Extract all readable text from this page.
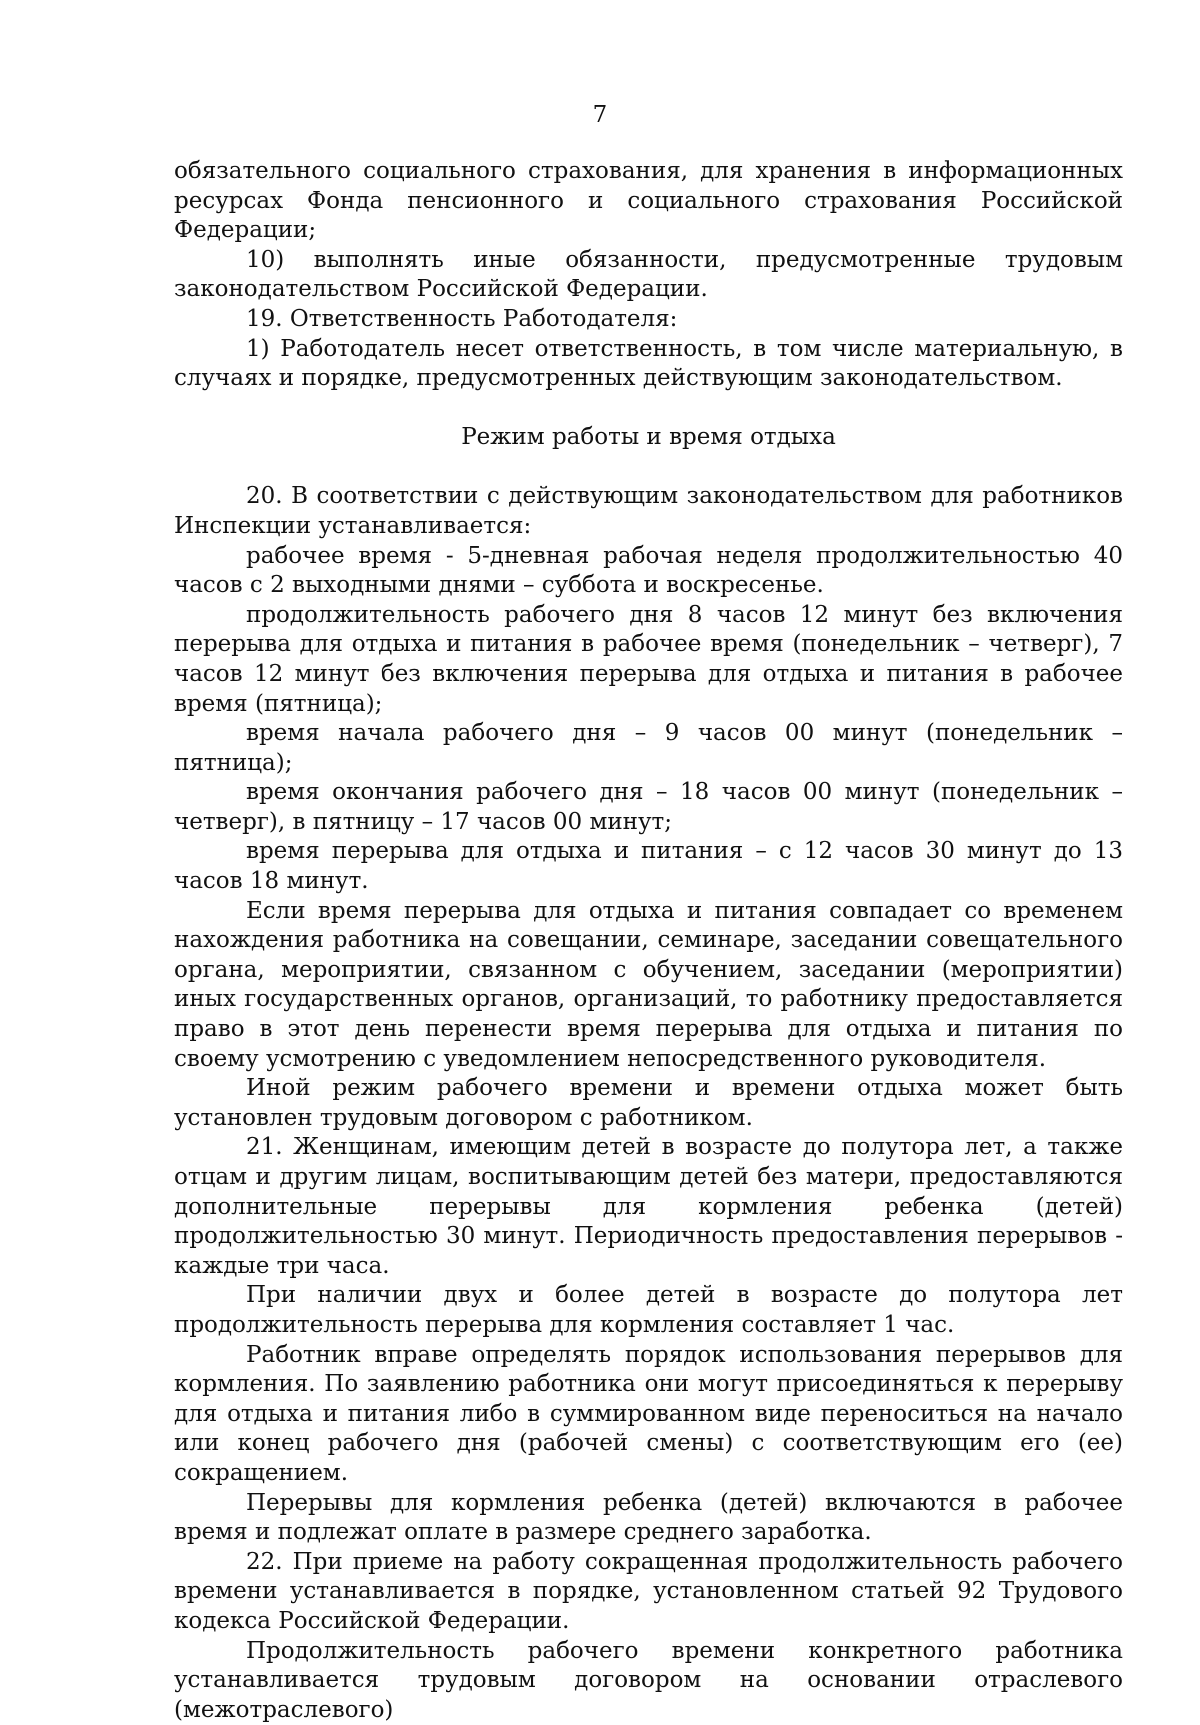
7

обязательного социального страхования, для хранения в информационных ресурсах Фонда пенсионного и социального страхования Российской Федерации;

10) выполнять иные обязанности, предусмотренные трудовым законодательством Российской Федерации.

19. Ответственность Работодателя:

1) Работодатель несет ответственность, в том числе материальную, в случаях и порядке, предусмотренных действующим законодательством.

Режим работы и время отдыха

20. В соответствии с действующим законодательством для работников Инспекции устанавливается:

рабочее время - 5-дневная рабочая неделя продолжительностью 40 часов с 2 выходными днями – суббота и воскресенье.

продолжительность рабочего дня 8 часов 12 минут без включения перерыва для отдыха и питания в рабочее время (понедельник – четверг), 7 часов 12 минут без включения перерыва для отдыха и питания в рабочее время (пятница);

время начала рабочего дня – 9 часов 00 минут (понедельник – пятница);

время окончания рабочего дня – 18 часов 00 минут (понедельник – четверг), в пятницу – 17 часов 00 минут;

время перерыва для отдыха и питания – с 12 часов 30 минут до 13 часов 18 минут.

Если время перерыва для отдыха и питания совпадает со временем нахождения работника на совещании, семинаре, заседании совещательного органа, мероприятии, связанном с обучением, заседании (мероприятии) иных государственных органов, организаций, то работнику предоставляется право в этот день перенести время перерыва для отдыха и питания по своему усмотрению с уведомлением непосредственного руководителя.

Иной режим рабочего времени и времени отдыха может быть установлен трудовым договором с работником.

21. Женщинам, имеющим детей в возрасте до полутора лет, а также отцам и другим лицам, воспитывающим детей без матери, предоставляются дополнительные перерывы для кормления ребенка (детей) продолжительностью 30 минут. Периодичность предоставления перерывов - каждые три часа.

При наличии двух и более детей в возрасте до полутора лет продолжительность перерыва для кормления составляет 1 час.

Работник вправе определять порядок использования перерывов для кормления. По заявлению работника они могут присоединяться к перерыву для отдыха и питания либо в суммированном виде переноситься на начало или конец рабочего дня (рабочей смены) с соответствующим его (ее) сокращением.

Перерывы для кормления ребенка (детей) включаются в рабочее время и подлежат оплате в размере среднего заработка.

22. При приеме на работу сокращенная продолжительность рабочего времени устанавливается в порядке, установленном статьей 92 Трудового кодекса Российской Федерации.

Продолжительность рабочего времени конкретного работника устанавливается трудовым договором на основании отраслевого (межотраслевого)
